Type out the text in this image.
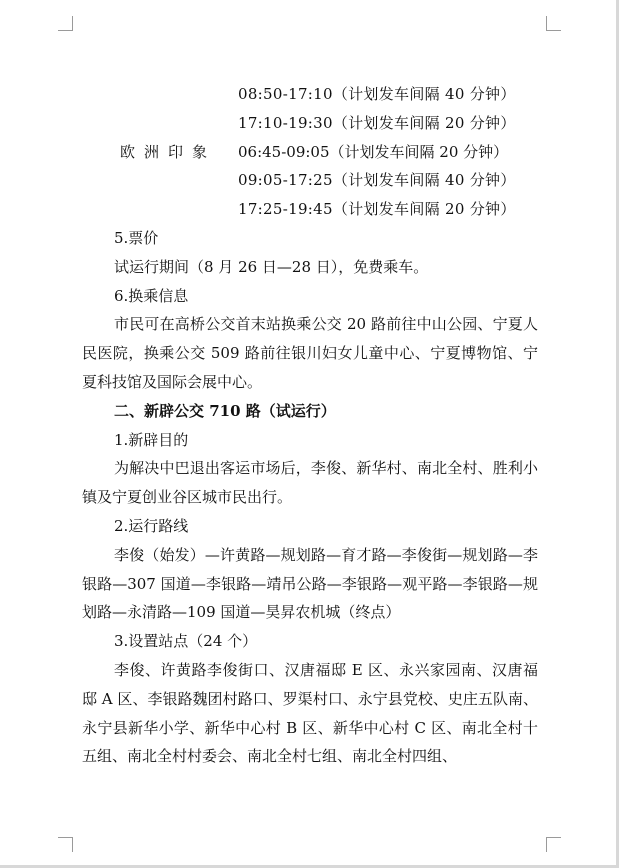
08:50-17:10（计划发车间隔 40 分钟）
17:10-19:30（计划发车间隔 20 分钟）
欧洲印象	06:45-09:05（计划发车间隔 20 分钟）
09:05-17:25（计划发车间隔 40 分钟）
17:25-19:45（计划发车间隔 20 分钟）
5.票价
试运行期间（8 月 26 日—28 日），免费乘车。
6.换乘信息
市民可在高桥公交首末站换乘公交 20 路前往中山公园、宁夏人民医院，换乘公交 509 路前往银川妇女儿童中心、宁夏博物馆、宁夏科技馆及国际会展中心。
二、新辟公交 710 路（试运行）
1.新辟目的
为解决中巴退出客运市场后，李俊、新华村、南北全村、胜利小镇及宁夏创业谷区城市民出行。
2.运行路线
李俊（始发）—许黄路—规划路—育才路—李俊街—规划路—李银路—307 国道—李银路—靖吊公路—李银路—观平路—李银路—规划路—永清路—109 国道—昊昇农机城（终点）
3.设置站点（24 个）
李俊、许黄路李俊街口、汉唐福邸 E 区、永兴家园南、汉唐福邸 A 区、李银路魏团村路口、罗渠村口、永宁县党校、史庄五队南、永宁县新华小学、新华中心村 B 区、新华中心村 C 区、南北全村十五组、南北全村村委会、南北全村七组、南北全村四组、
